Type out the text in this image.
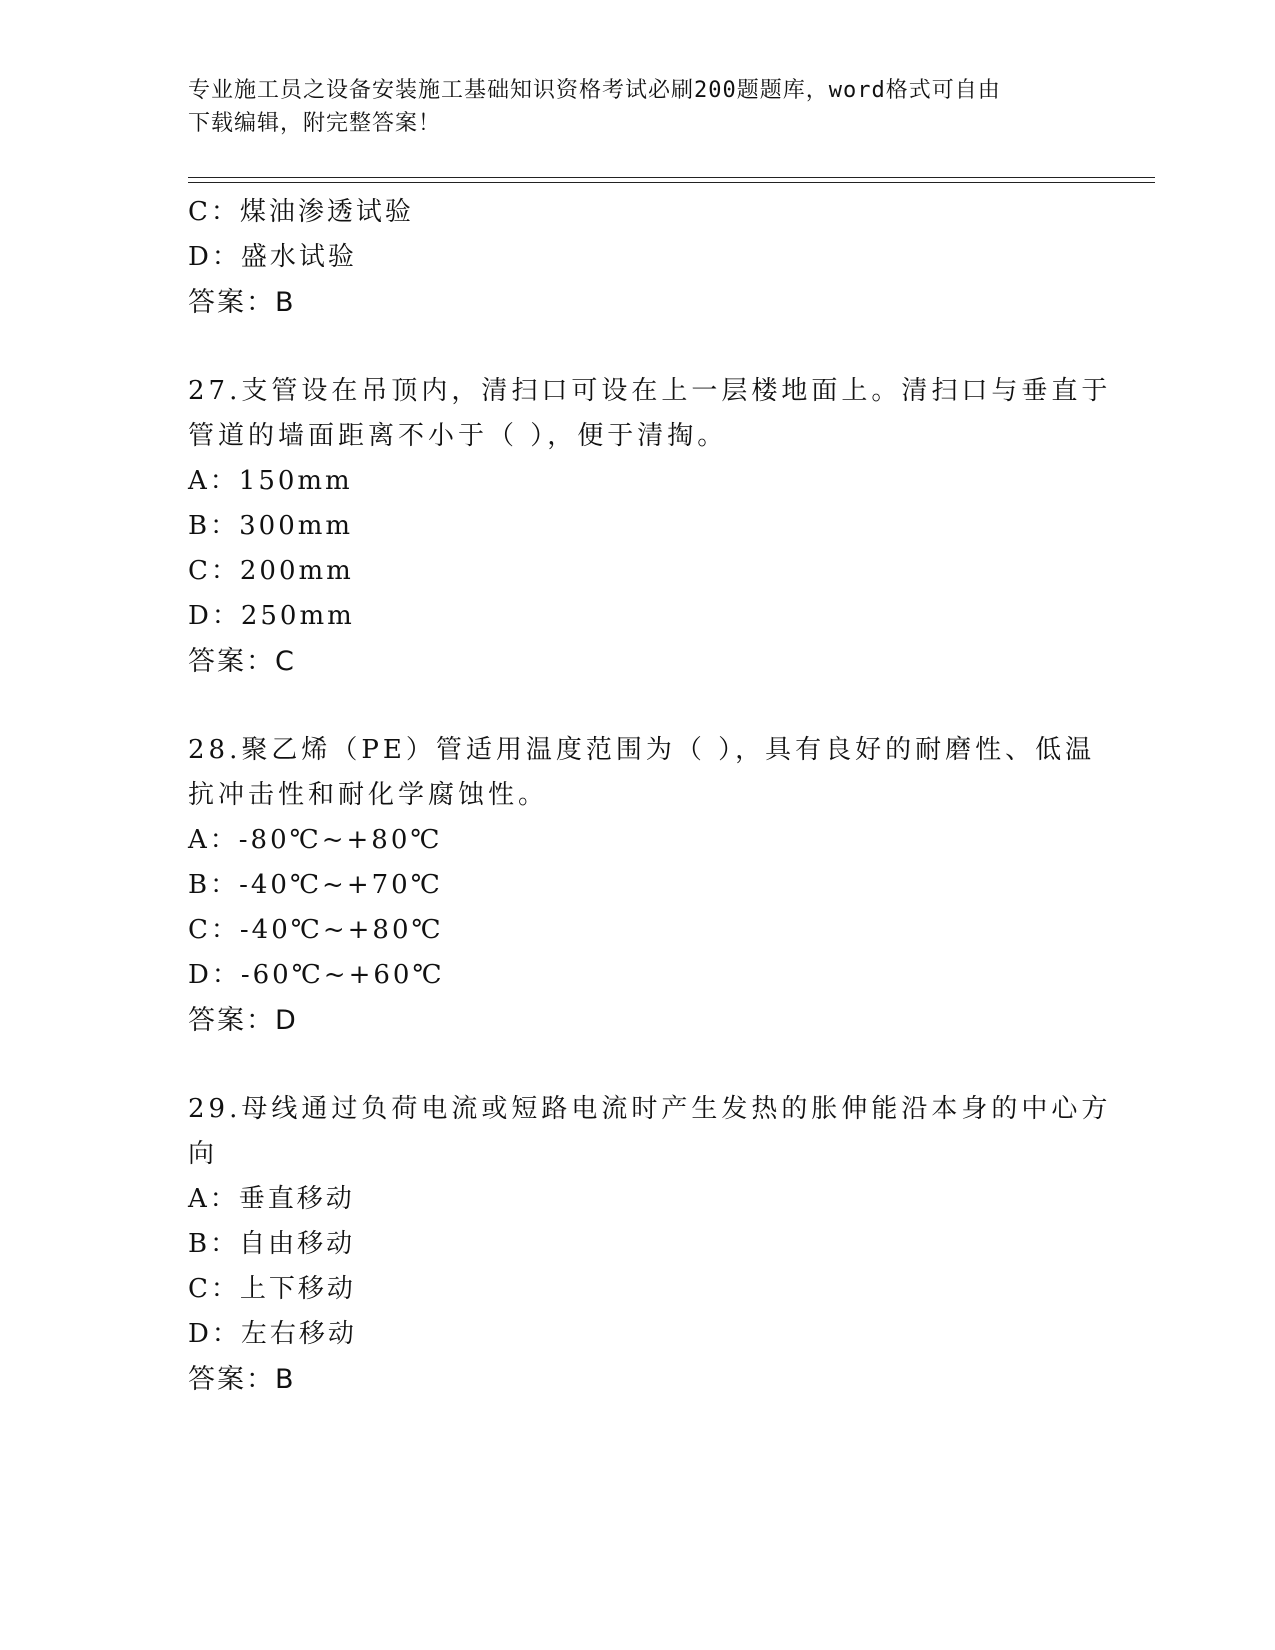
专业施工员之设备安装施工基础知识资格考试必刷200题题库，word格式可自由
下载编辑，附完整答案！
C：煤油渗透试验
D：盛水试验
答案：B
27.支管设在吊顶内，清扫口可设在上一层楼地面上。清扫口与垂直于
管道的墙面距离不小于（ ），便于清掏。
A：150mm
B：300mm
C：200mm
D：250mm
答案：C
28.聚乙烯（PE）管适用温度范围为（ ），具有良好的耐磨性、低温
抗冲击性和耐化学腐蚀性。
A：-80℃~+80℃
B：-40℃~+70℃
C：-40℃~+80℃
D：-60℃~+60℃
答案：D
29.母线通过负荷电流或短路电流时产生发热的胀伸能沿本身的中心方
向
A：垂直移动
B：自由移动
C：上下移动
D：左右移动
答案：B
